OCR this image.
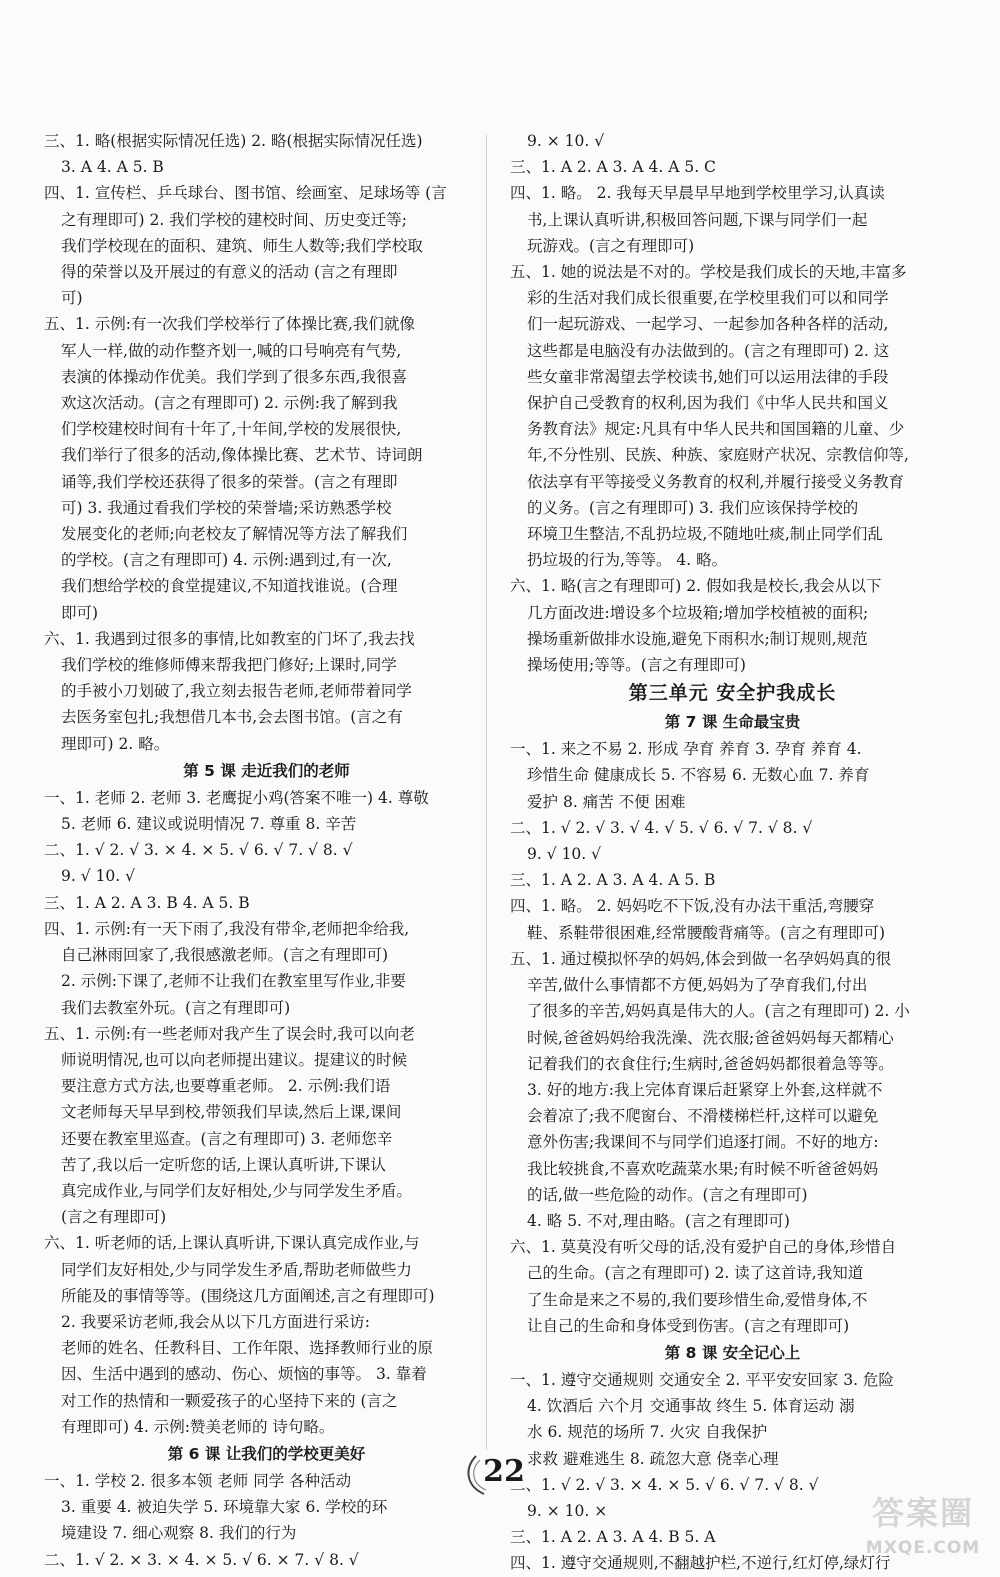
三、1. 略(根据实际情况任选) 2. 略(根据实际情况任选)
3. A 4. A 5. B
四、1. 宣传栏、乒乓球台、图书馆、绘画室、足球场等 (言
之有理即可) 2. 我们学校的建校时间、历史变迁等;
我们学校现在的面积、建筑、师生人数等;我们学校取
得的荣誉以及开展过的有意义的活动 (言之有理即
可)
五、1. 示例:有一次我们学校举行了体操比赛,我们就像
军人一样,做的动作整齐划一,喊的口号响亮有气势,
表演的体操动作优美。我们学到了很多东西,我很喜
欢这次活动。(言之有理即可) 2. 示例:我了解到我
们学校建校时间有十年了,十年间,学校的发展很快,
我们举行了很多的活动,像体操比赛、艺术节、诗词朗
诵等,我们学校还获得了很多的荣誉。(言之有理即
可) 3. 我通过看我们学校的荣誉墙;采访熟悉学校
发展变化的老师;向老校友了解情况等方法了解我们
的学校。(言之有理即可) 4. 示例:遇到过,有一次,
我们想给学校的食堂提建议,不知道找谁说。(合理
即可)
六、1. 我遇到过很多的事情,比如教室的门坏了,我去找
我们学校的维修师傅来帮我把门修好;上课时,同学
的手被小刀划破了,我立刻去报告老师,老师带着同学
去医务室包扎;我想借几本书,会去图书馆。(言之有
理即可) 2. 略。
第 5 课 走近我们的老师
一、1. 老师 2. 老师 3. 老鹰捉小鸡(答案不唯一) 4. 尊敬
5. 老师 6. 建议或说明情况 7. 尊重 8. 辛苦
二、1. √ 2. √ 3. × 4. × 5. √ 6. √ 7. √ 8. √
9. √ 10. √
三、1. A 2. A 3. B 4. A 5. B
四、1. 示例:有一天下雨了,我没有带伞,老师把伞给我,
自己淋雨回家了,我很感激老师。(言之有理即可)
2. 示例:下课了,老师不让我们在教室里写作业,非要
我们去教室外玩。(言之有理即可)
五、1. 示例:有一些老师对我产生了误会时,我可以向老
师说明情况,也可以向老师提出建议。提建议的时候
要注意方式方法,也要尊重老师。 2. 示例:我们语
文老师每天早早到校,带领我们早读,然后上课,课间
还要在教室里巡查。(言之有理即可) 3. 老师您辛
苦了,我以后一定听您的话,上课认真听讲,下课认
真完成作业,与同学们友好相处,少与同学发生矛盾。
(言之有理即可)
六、1. 听老师的话,上课认真听讲,下课认真完成作业,与
同学们友好相处,少与同学发生矛盾,帮助老师做些力
所能及的事情等等。(围绕这几方面阐述,言之有理即可)
2. 我要采访老师,我会从以下几方面进行采访:
老师的姓名、任教科目、工作年限、选择教师行业的原
因、生活中遇到的感动、伤心、烦恼的事等。 3. 靠着
对工作的热情和一颗爱孩子的心坚持下来的 (言之
有理即可) 4. 示例:赞美老师的 诗句略。
第 6 课 让我们的学校更美好
一、1. 学校 2. 很多本领 老师 同学 各种活动
3. 重要 4. 被迫失学 5. 环境靠大家 6. 学校的环
境建设 7. 细心观察 8. 我们的行为
二、1. √ 2. × 3. × 4. × 5. √ 6. × 7. √ 8. √
9. × 10. √
三、1. A 2. A 3. A 4. A 5. C
四、1. 略。 2. 我每天早晨早早地到学校里学习,认真读
书,上课认真听讲,积极回答问题,下课与同学们一起
玩游戏。(言之有理即可)
五、1. 她的说法是不对的。学校是我们成长的天地,丰富多
彩的生活对我们成长很重要,在学校里我们可以和同学
们一起玩游戏、一起学习、一起参加各种各样的活动,
这些都是电脑没有办法做到的。(言之有理即可) 2. 这
些女童非常渴望去学校读书,她们可以运用法律的手段
保护自己受教育的权利,因为我们《中华人民共和国义
务教育法》规定:凡具有中华人民共和国国籍的儿童、少
年,不分性别、民族、种族、家庭财产状况、宗教信仰等,
依法享有平等接受义务教育的权利,并履行接受义务教育
的义务。(言之有理即可) 3. 我们应该保持学校的
环境卫生整洁,不乱扔垃圾,不随地吐痰,制止同学们乱
扔垃圾的行为,等等。 4. 略。
六、1. 略(言之有理即可) 2. 假如我是校长,我会从以下
几方面改进:增设多个垃圾箱;增加学校植被的面积;
操场重新做排水设施,避免下雨积水;制订规则,规范
操场使用;等等。(言之有理即可)
第三单元 安全护我成长
第 7 课 生命最宝贵
一、1. 来之不易 2. 形成 孕育 养育 3. 孕育 养育 4.
珍惜生命 健康成长 5. 不容易 6. 无数心血 7. 养育
爱护 8. 痛苦 不便 困难
二、1. √ 2. √ 3. √ 4. √ 5. √ 6. √ 7. √ 8. √
9. √ 10. √
三、1. A 2. A 3. A 4. A 5. B
四、1. 略。 2. 妈妈吃不下饭,没有办法干重活,弯腰穿
鞋、系鞋带很困难,经常腰酸背痛等。(言之有理即可)
五、1. 通过模拟怀孕的妈妈,体会到做一名孕妈妈真的很
辛苦,做什么事情都不方便,妈妈为了孕育我们,付出
了很多的辛苦,妈妈真是伟大的人。(言之有理即可) 2. 小
时候,爸爸妈妈给我洗澡、洗衣服;爸爸妈妈每天都精心
记着我们的衣食住行;生病时,爸爸妈妈都很着急等等。
3. 好的地方:我上完体育课后赶紧穿上外套,这样就不
会着凉了;我不爬窗台、不滑楼梯栏杆,这样可以避免
意外伤害;我课间不与同学们追逐打闹。不好的地方:
我比较挑食,不喜欢吃蔬菜水果;有时候不听爸爸妈妈
的话,做一些危险的动作。(言之有理即可)
4. 略 5. 不对,理由略。(言之有理即可)
六、1. 莫莫没有听父母的话,没有爱护自己的身体,珍惜自
己的生命。(言之有理即可) 2. 读了这首诗,我知道
了生命是来之不易的,我们要珍惜生命,爱惜身体,不
让自己的生命和身体受到伤害。(言之有理即可)
第 8 课 安全记心上
一、1. 遵守交通规则 交通安全 2. 平平安安回家 3. 危险
4. 饮酒后 六个月 交通事故 终生 5. 体育运动 溺
水 6. 规范的场所 7. 火灾 自我保护
求救 避难逃生 8. 疏忽大意 侥幸心理
二、1. √ 2. √ 3. × 4. × 5. √ 6. √ 7. √ 8. √
9. × 10. ×
三、1. A 2. A 3. A 4. B 5. A
四、1. 遵守交通规则,不翻越护栏,不逆行,红灯停,绿灯行
22
答案圈
MXQE.COM
